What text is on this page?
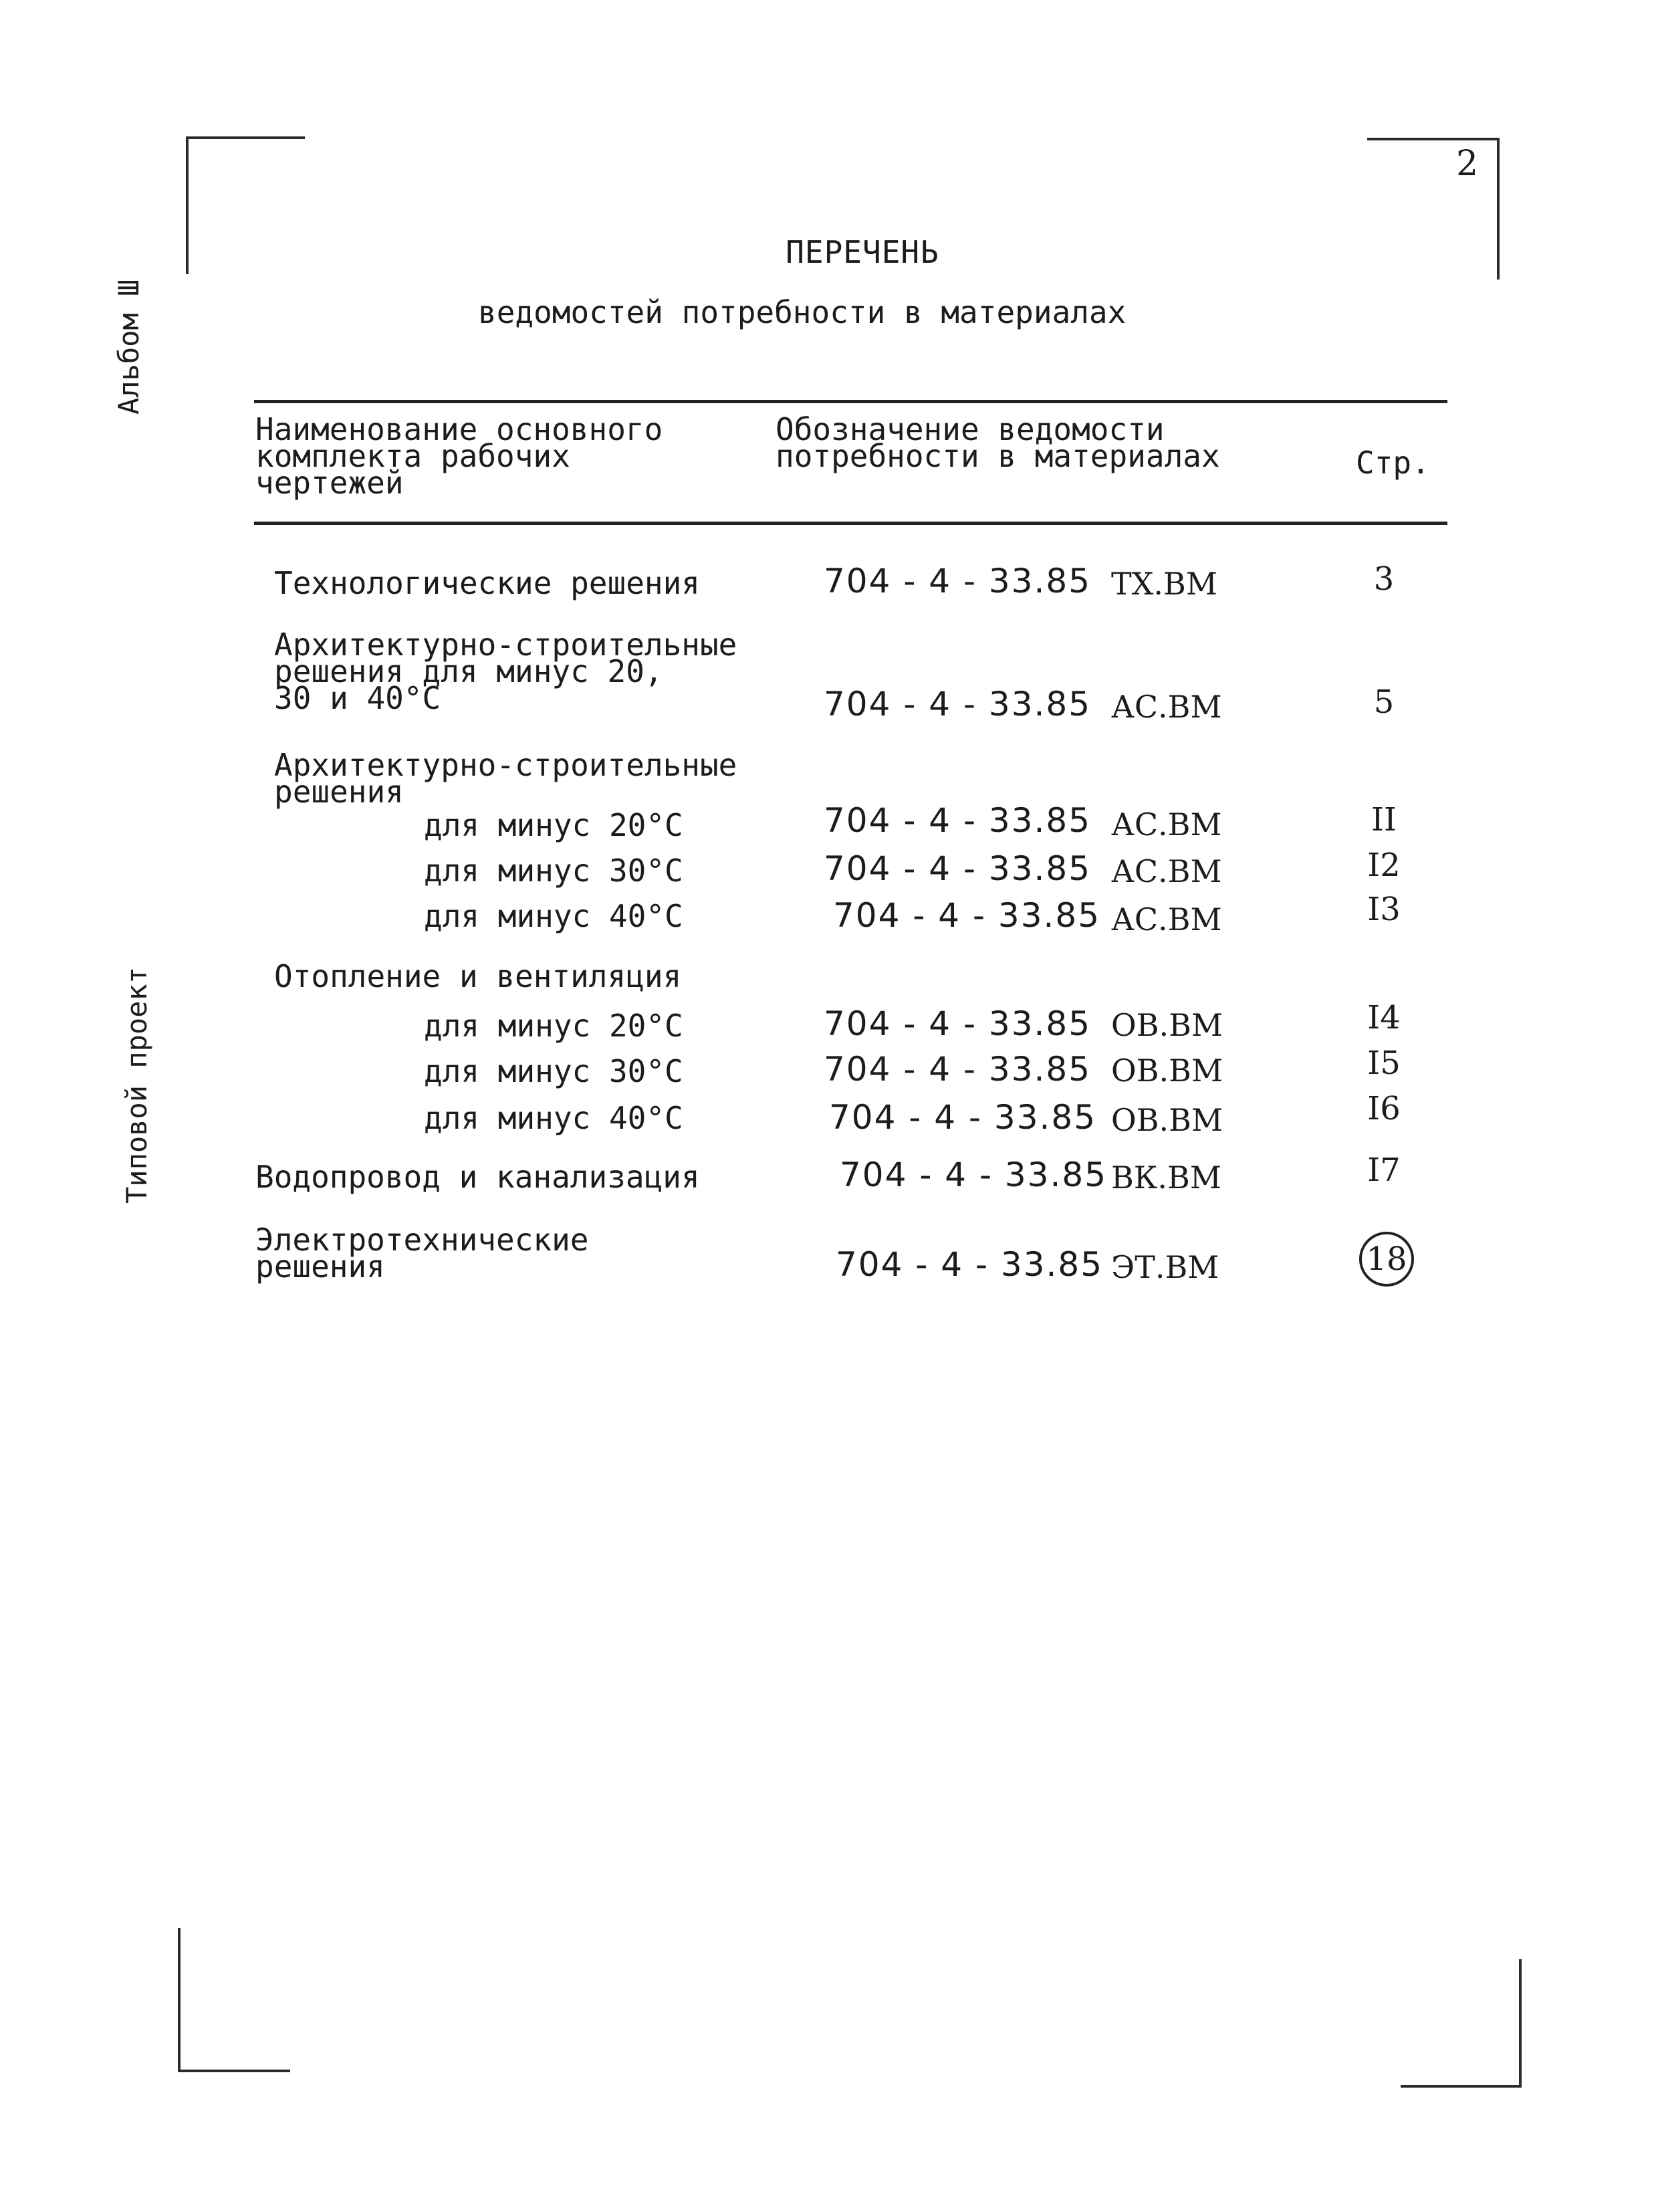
2
Альбом Ш
Типовой проект
ПЕРЕЧЕНЬ
ведомостей потребности в материалах
Наименование основного
комплекта рабочих
чертежей
Обозначение ведомости
потребности в материалах	Стр.
Технологические решения	704 - 4 - 33.85 ТХ.ВМ	3
Архитектурно-строительные
решения для минус 20,
30 и 40°С	704 - 4 - 33.85 АС.ВМ	5
Архитектурно-строительные
решения
для минус 20°С	704 - 4 - 33.85 АС.ВМ	II
для минус 30°С	704 - 4 - 33.85 АС.ВМ	I2
для минус 40°С	704 - 4 - 33.85 АС.ВМ	I3
Отопление и вентиляция
для минус 20°С	704 - 4 - 33.85 ОВ.ВМ	I4
для минус 30°С	704 - 4 - 33.85 ОВ.ВМ	I5
для минус 40°С	704 - 4 - 33.85 ОВ.ВМ	I6
Водопровод и канализация	704 - 4 - 33.85 ВК.ВМ	I7
Электротехнические
решения	704 - 4 - 33.85 ЭТ.ВМ	18
